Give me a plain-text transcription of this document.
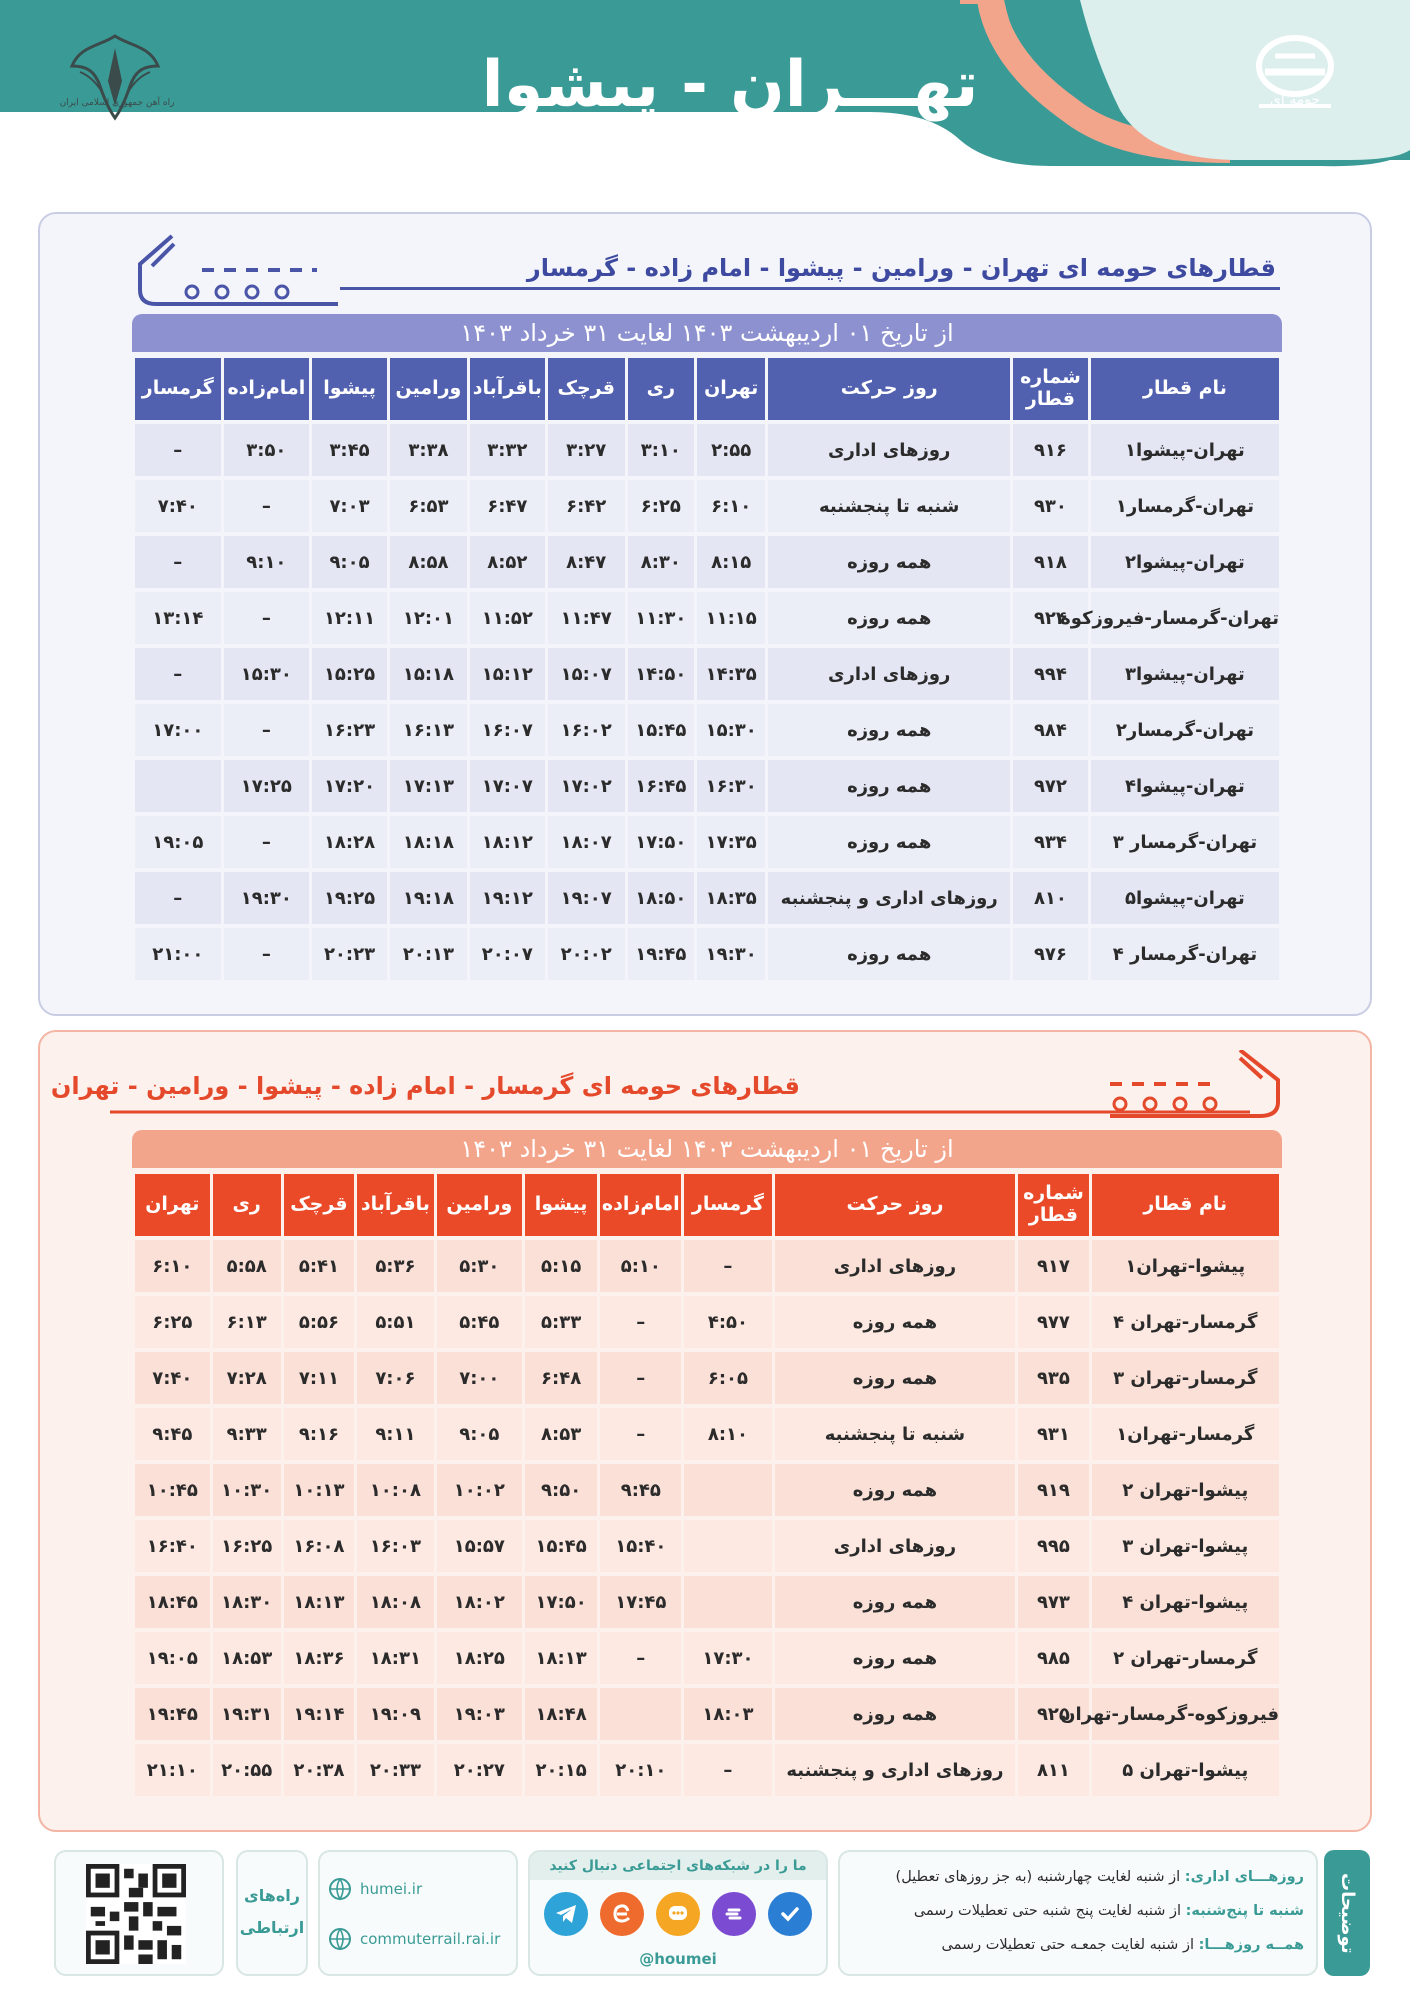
تهـــران - پیشوا
راه آهن جمهوری اسلامی ایران	حومه ای
قطارهای حومه ای تهران - ورامین - پیشوا - امام زاده - گرمسار
از تاریخ ۰۱ اردیبهشت ۱۴۰۳ لغایت ۳۱ خرداد ۱۴۰۳
نام قطار	شماره
قطار	روز حرکت	تهران	ری	قرچک	باقرآباد	ورامین	پیشوا	امام‌زاده	گرمسار
تهران-پیشوا۱	۹۱۶	روزهای اداری	۲:۵۵	۳:۱۰	۳:۲۷	۳:۳۲	۳:۳۸	۳:۴۵	۳:۵۰	–
تهران-گرمسار۱	۹۳۰	شنبه تا پنجشنبه	۶:۱۰	۶:۲۵	۶:۴۲	۶:۴۷	۶:۵۳	۷:۰۳	–	۷:۴۰
تهران-پیشوا۲	۹۱۸	همه روزه	۸:۱۵	۸:۳۰	۸:۴۷	۸:۵۲	۸:۵۸	۹:۰۵	۹:۱۰	–
تهران-گرمسار-فیروزکوه	۹۲۴	همه روزه	۱۱:۱۵	۱۱:۳۰	۱۱:۴۷	۱۱:۵۲	۱۲:۰۱	۱۲:۱۱	–	۱۳:۱۴
تهران-پیشوا۳	۹۹۴	روزهای اداری	۱۴:۳۵	۱۴:۵۰	۱۵:۰۷	۱۵:۱۲	۱۵:۱۸	۱۵:۲۵	۱۵:۳۰	–
تهران-گرمسار۲	۹۸۴	همه روزه	۱۵:۳۰	۱۵:۴۵	۱۶:۰۲	۱۶:۰۷	۱۶:۱۳	۱۶:۲۳	–	۱۷:۰۰
تهران-پیشوا۴	۹۷۲	همه روزه	۱۶:۳۰	۱۶:۴۵	۱۷:۰۲	۱۷:۰۷	۱۷:۱۳	۱۷:۲۰	۱۷:۲۵	
تهران-گرمسار ۳	۹۳۴	همه روزه	۱۷:۳۵	۱۷:۵۰	۱۸:۰۷	۱۸:۱۲	۱۸:۱۸	۱۸:۲۸	–	۱۹:۰۵
تهران-پیشوا۵	۸۱۰	روزهای اداری و پنجشنبه	۱۸:۳۵	۱۸:۵۰	۱۹:۰۷	۱۹:۱۲	۱۹:۱۸	۱۹:۲۵	۱۹:۳۰	–
تهران-گرمسار ۴	۹۷۶	همه روزه	۱۹:۳۰	۱۹:۴۵	۲۰:۰۲	۲۰:۰۷	۲۰:۱۳	۲۰:۲۳	–	۲۱:۰۰
قطارهای حومه ای گرمسار - امام زاده - پیشوا - ورامین - تهران
از تاریخ ۰۱ اردیبهشت ۱۴۰۳ لغایت ۳۱ خرداد ۱۴۰۳
نام قطار	شماره
قطار	روز حرکت	گرمسار	امام‌زاده	پیشوا	ورامین	باقرآباد	قرچک	ری	تهران
پیشوا-تهران۱	۹۱۷	روزهای اداری	–	۵:۱۰	۵:۱۵	۵:۳۰	۵:۳۶	۵:۴۱	۵:۵۸	۶:۱۰
گرمسار-تهران ۴	۹۷۷	همه روزه	۴:۵۰	–	۵:۳۳	۵:۴۵	۵:۵۱	۵:۵۶	۶:۱۳	۶:۲۵
گرمسار-تهران ۳	۹۳۵	همه روزه	۶:۰۵	–	۶:۴۸	۷:۰۰	۷:۰۶	۷:۱۱	۷:۲۸	۷:۴۰
گرمسار-تهران۱	۹۳۱	شنبه تا پنجشنبه	۸:۱۰	–	۸:۵۳	۹:۰۵	۹:۱۱	۹:۱۶	۹:۳۳	۹:۴۵
پیشوا-تهران ۲	۹۱۹	همه روزه		۹:۴۵	۹:۵۰	۱۰:۰۲	۱۰:۰۸	۱۰:۱۳	۱۰:۳۰	۱۰:۴۵
پیشوا-تهران ۳	۹۹۵	روزهای اداری		۱۵:۴۰	۱۵:۴۵	۱۵:۵۷	۱۶:۰۳	۱۶:۰۸	۱۶:۲۵	۱۶:۴۰
پیشوا-تهران ۴	۹۷۳	همه روزه		۱۷:۴۵	۱۷:۵۰	۱۸:۰۲	۱۸:۰۸	۱۸:۱۳	۱۸:۳۰	۱۸:۴۵
گرمسار-تهران ۲	۹۸۵	همه روزه	۱۷:۳۰	–	۱۸:۱۳	۱۸:۲۵	۱۸:۳۱	۱۸:۳۶	۱۸:۵۳	۱۹:۰۵
فیروزکوه-گرمسار-تهران	۹۲۵	همه روزه	۱۸:۰۳		۱۸:۴۸	۱۹:۰۳	۱۹:۰۹	۱۹:۱۴	۱۹:۳۱	۱۹:۴۵
پیشوا-تهران ۵	۸۱۱	روزهای اداری و پنجشنبه	–	۲۰:۱۰	۲۰:۱۵	۲۰:۲۷	۲۰:۳۳	۲۰:۳۸	۲۰:۵۵	۲۱:۱۰
توضیحات
روزهـــای اداری: از شنبه لغایت چهارشنبه (به جز روزهای تعطیل)
شنبه تا پنج‌شنبه: از شنبه لغایت پنج شنبه حتی تعطیلات رسمی
همــه روزهـــا: از شنبه لغایت جمعـه حتی تعطیلات رسمی
ما را در شبکه‌های اجتماعی دنبال کنید
@houmei
humei.ir
commuterrail.rai.ir
راه‌های
ارتباطی
